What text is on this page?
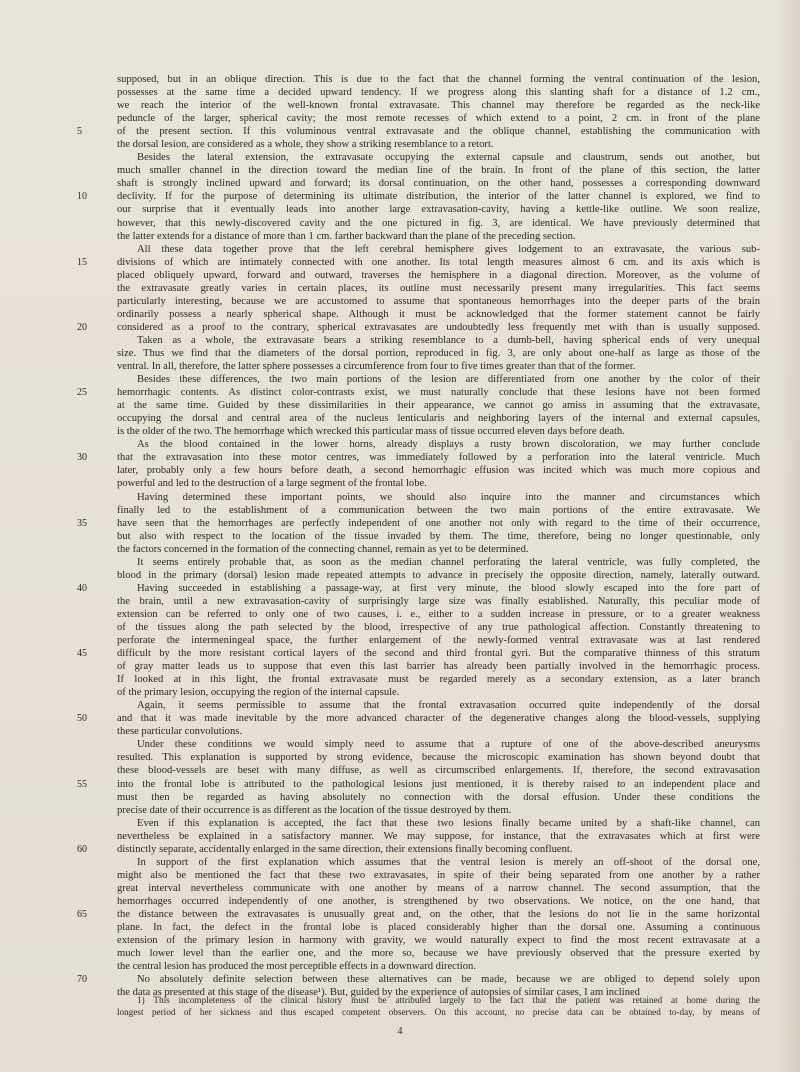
supposed, but in an oblique direction. This is due to the fact that the channel forming the ventral continuation of the lesion,
possesses at the same time a decided upward tendency. If we progress along this slanting shaft for a distance of 1.2 cm.,
we reach the interior of the well-known frontal extravasate. This channel may therefore be regarded as the neck-like
peduncle of the larger, spherical cavity; the most remote recesses of which extend to a point, 2 cm. in front of the plane
5	of the present section. If this voluminous ventral extravasate and the oblique channel, establishing the communication with
the dorsal lesion, are considered as a whole, they show a striking resemblance to a retort.
Besides the lateral extension, the extravasate occupying the external capsule and claustrum, sends out another, but
much smaller channel in the direction toward the median line of the brain. In front of the plane of this section, the latter
shaft is strongly inclined upward and forward; its dorsal continuation, on the other hand, possesses a corresponding downward
10	declivity. If for the purpose of determining its ultimate distribution, the interior of the latter channel is explored, we find to
our surprise that it eventually leads into another large extravasation-cavity, having a kettle-like outline. We soon realize,
however, that this newly-discovered cavity and the one pictured in fig. 3, are identical. We have previously determined that
the latter extends for a distance of more than 1 cm. farther backward than the plane of the preceding section.
All these data together prove that the left cerebral hemisphere gives lodgement to an extravasate, the various sub-
15	divisions of which are intimately connected with one another. Its total length measures almost 6 cm. and its axis which is
placed obliquely upward, forward and outward, traverses the hemisphere in a diagonal direction. Moreover, as the volume of
the extravasate greatly varies in certain places, its outline must necessarily present many irregularities. This fact seems
particularly interesting, because we are accustomed to assume that spontaneous hemorrhages into the deeper parts of the brain
ordinarily possess a nearly spherical shape. Although it must be acknowledged that the former statement cannot be fairly
20	considered as a proof to the contrary, spherical extravasates are undoubtedly less frequently met with than is usually supposed.
Taken as a whole, the extravasate bears a striking resemblance to a dumb-bell, having spherical ends of very unequal
size. Thus we find that the diameters of the dorsal portion, reproduced in fig. 3, are only about one-half as large as those of the
ventral. In all, therefore, the latter sphere possesses a circumference from four to five times greater than that of the former.
Besides these differences, the two main portions of the lesion are differentiated from one another by the color of their
25	hemorrhagic contents. As distinct color-contrasts exist, we must naturally conclude that these lesions have not been formed
at the same time. Guided by these dissimilarities in their appearance, we cannot go amiss in assuming that the extravasate,
occupying the dorsal and central area of the nucleus lenticularis and neighboring layers of the internal and external capsules,
is the older of the two. The hemorrhage which wrecked this particular mass of tissue occurred eleven days before death.
As the blood contained in the lower horns, already displays a rusty brown discoloration, we may further conclude
30	that the extravasation into these motor centres, was immediately followed by a perforation into the lateral ventricle. Much
later, probably only a few hours before death, a second hemorrhagic effusion was incited which was much more copious and
powerful and led to the destruction of a large segment of the frontal lobe.
Having determined these important points, we should also inquire into the manner and circumstances which
finally led to the establishment of a communication between the two main portions of the entire extravasate. We
35	have seen that the hemorrhages are perfectly independent of one another not only with regard to the time of their occurrence,
but also with respect to the location of the tissue invaded by them. The time, therefore, being no longer questionable, only
the factors concerned in the formation of the connecting channel, remain as yet to be determined.
It seems entirely probable that, as soon as the median channel perforating the lateral ventricle, was fully completed, the
blood in the primary (dorsal) lesion made repeated attempts to advance in precisely the opposite direction, namely, laterally outward.
40	Having succeeded in establishing a passage-way, at first very minute, the blood slowly escaped into the fore part of
the brain, until a new extravasation-cavity of surprisingly large size was finally established. Naturally, this peculiar mode of
extension can be referred to only one of two causes, i. e., either to a sudden increase in pressure, or to a greater weakness
of the tissues along the path selected by the blood, irrespective of any true pathological affection. Constantly threatening to
perforate the intermeningeal space, the further enlargement of the newly-formed ventral extravasate was at last rendered
45	difficult by the more resistant cortical layers of the second and third frontal gyri. But the comparative thinness of this stratum
of gray matter leads us to suppose that even this last barrier has already been partially involved in the hemorrhagic process.
If looked at in this light, the frontal extravasate must be regarded merely as a secondary extension, as a later branch
of the primary lesion, occupying the region of the internal capsule.
Again, it seems permissible to assume that the frontal extravasation occurred quite independently of the dorsal
50	and that it was made inevitable by the more advanced character of the degenerative changes along the blood-vessels, supplying
these particular convolutions.
Under these conditions we would simply need to assume that a rupture of one of the above-described aneurysms
resulted. This explanation is supported by strong evidence, because the microscopic examination has shown beyond doubt that
these blood-vessels are beset with many diffuse, as well as circumscribed enlargements. If, therefore, the second extravasation
55	into the frontal lobe is attributed to the pathological lesions just mentioned, it is thereby raised to an independent place and
must then be regarded as having absolutely no connection with the dorsal effusion. Under these conditions the
precise date of their occurrence is as different as the location of the tissue destroyed by them.
Even if this explanation is accepted, the fact that these two lesions finally became united by a shaft-like channel, can
nevertheless be explained in a satisfactory manner. We may suppose, for instance, that the extravasates which at first were
60	distinctly separate, accidentally enlarged in the same direction, their extensions finally becoming confluent.
In support of the first explanation which assumes that the ventral lesion is merely an off-shoot of the dorsal one,
might also be mentioned the fact that these two extravasates, in spite of their being separated from one another by a rather
great interval nevertheless communicate with one another by means of a narrow channel. The second assumption, that the
hemorrhages occurred independently of one another, is strengthened by two observations. We notice, on the one hand, that
65	the distance between the extravasates is unusually great and, on the other, that the lesions do not lie in the same horizontal
plane. In fact, the defect in the frontal lobe is placed considerably higher than the dorsal one. Assuming a continuous
extension of the primary lesion in harmony with gravity, we would naturally expect to find the most recent extravasate at a
much lower level than the earlier one, and the more so, because we have previously observed that the pressure exerted by
the central lesion has produced the most perceptible effects in a downward direction.
70	No absolutely definite selection between these alternatives can be made, because we are obliged to depend solely upon
the data as presented at this stage of the disease¹). But, guided by the experience of autopsies of similar cases, I am inclined
1) This incompleteness of the clinical history must be attributed largely to the fact that the patient was retained at home during the
longest period of her sickness and thus escaped competent observers. On this account, no precise data can be obtained to-day, by means of
4
